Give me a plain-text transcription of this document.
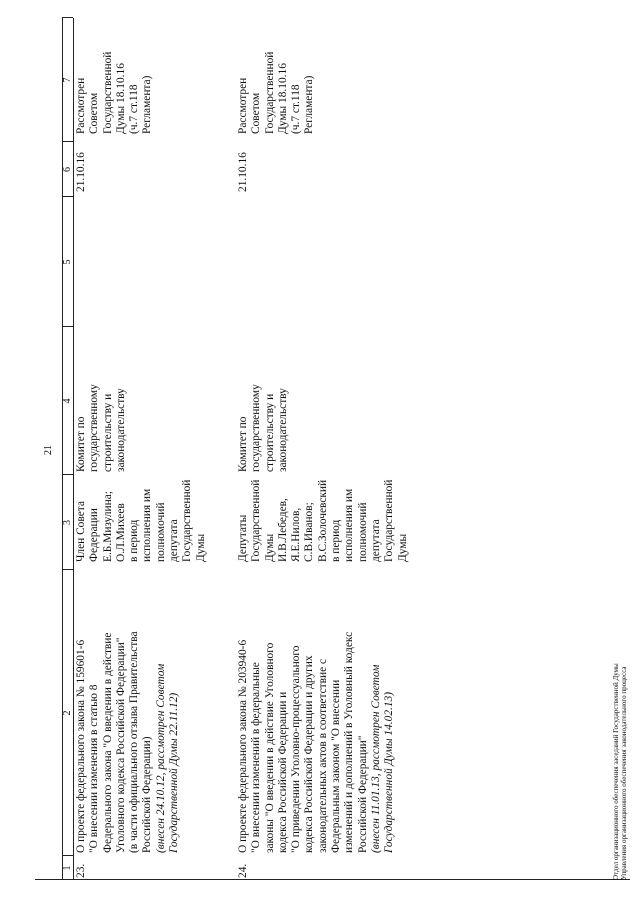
21
1
2
3
4
5
6
7
23.
О проекте федерального закона № 159601-6
"О внесении изменения в статью 8
Федерального закона "О введении в действие
Уголовного кодекса Российской Федерации"
(в части официального отзыва Правительства
Российской Федерации)
(внесен 24.10.12, рассмотрен Советом
Государственной Думы 22.11.12)
Член Совета
Федерации
Е.Б.Мизулина;
О.Л.Михеев
в период
исполнения им
полномочий
депутата
Государственной
Думы
Комитет по
государственному
строительству и
законодательству
21.10.16
Рассмотрен
Советом
Государственной
Думы 18.10.16
(ч.7 ст.118
Регламента)
24.
О проекте федерального закона № 203940-6
"О внесении изменений в федеральные
законы "О введении в действие Уголовного
кодекса Российской Федерации и
"О приведении Уголовно-процессуального
кодекса Российской Федерации и других
законодательных актов в соответствие с
Федеральным законом "О внесении
изменений и дополнений в Уголовный кодекс
Российской Федерации"
(внесен 11.01.13, рассмотрен Советом
Государственной Думы 14.02.13)
Депутаты
Государственной
Думы
И.В.Лебедев,
Я.Е.Нилов,
С.В.Иванов;
В.С.Золочевский
в период
исполнения им
полномочий
депутата
Государственной
Думы
Комитет по
государственному
строительству и
законодательству
21.10.16
Рассмотрен
Советом
Государственной
Думы 18.10.16
(ч.7 ст.118
Регламента)
Отдел организационного обеспечения заседаний Государственной Думы Управления организационного обеспечения законодательного процесса
